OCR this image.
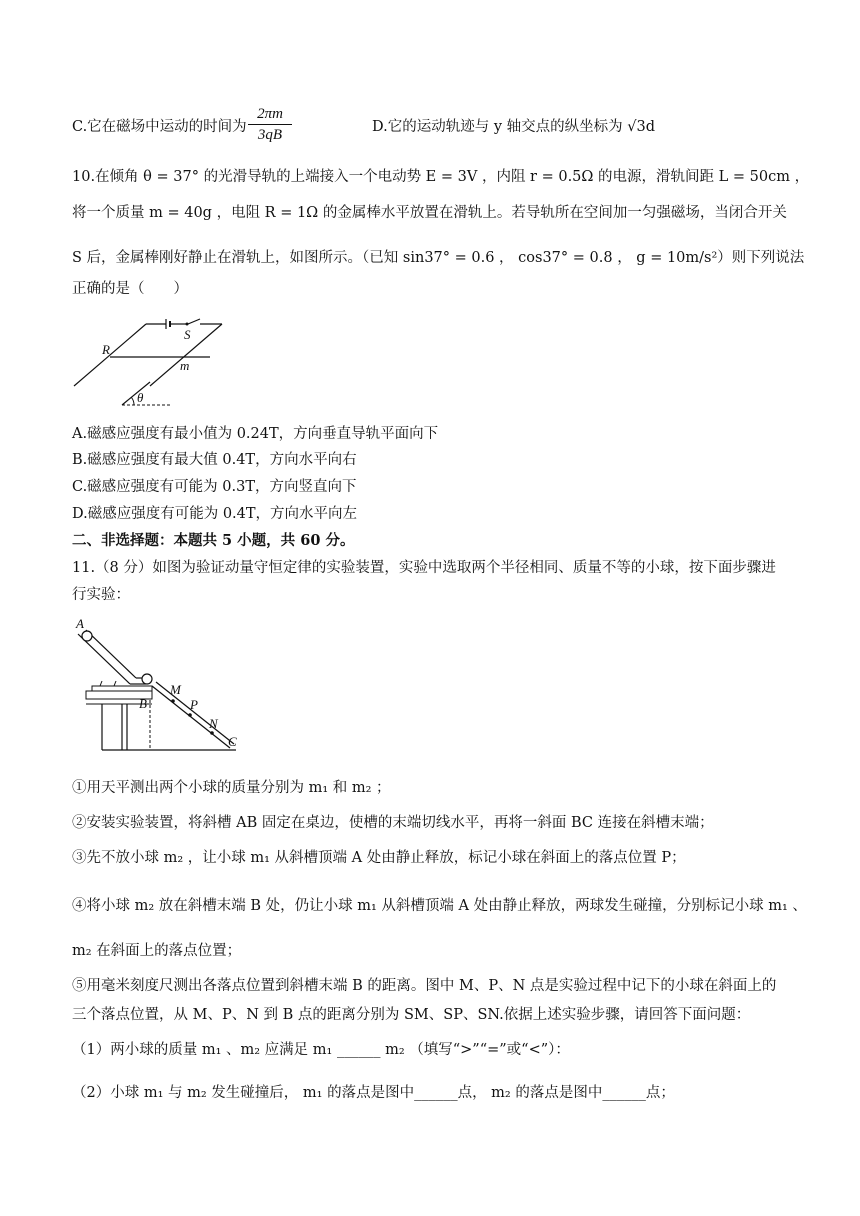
C.它在磁场中运动的时间为 $\frac{2\pi m}{3qB}$	D.它的运动轨迹与 y 轴交点的纵坐标为 √3d
10.在倾角 θ = 37° 的光滑导轨的上端接入一个电动势 E = 3V ，内阻 r = 0.5Ω 的电源，滑轨间距 L = 50cm ，
将一个质量 m = 40g ，电阻 R = 1Ω 的金属棒水平放置在滑轨上。若导轨所在空间加一匀强磁场，当闭合开关
S 后，金属棒刚好静止在滑轨上，如图所示。（已知 sin37° = 0.6 ， cos37° = 0.8 ， g = 10m/s²）则下列说法
正确的是（　　）
S
R
m
θ
A.磁感应强度有最小值为 0.24T，方向垂直导轨平面向下
B.磁感应强度有最大值 0.4T，方向水平向右
C.磁感应强度有可能为 0.3T，方向竖直向下
D.磁感应强度有可能为 0.4T，方向水平向左
二、非选择题：本题共 5 小题，共 60 分。
11.（8 分）如图为验证动量守恒定律的实验装置，实验中选取两个半径相同、质量不等的小球，按下面步骤进
行实验：
A
B
M
P
N
C
①用天平测出两个小球的质量分别为 m₁ 和 m₂ ；
②安装实验装置，将斜槽 AB 固定在桌边，使槽的末端切线水平，再将一斜面 BC 连接在斜槽末端；
③先不放小球 m₂ ，让小球 m₁ 从斜槽顶端 A 处由静止释放，标记小球在斜面上的落点位置 P；
④将小球 m₂ 放在斜槽末端 B 处，仍让小球 m₁ 从斜槽顶端 A 处由静止释放，两球发生碰撞，分别标记小球 m₁ 、
m₂ 在斜面上的落点位置；
⑤用毫米刻度尺测出各落点位置到斜槽末端 B 的距离。图中 M、P、N 点是实验过程中记下的小球在斜面上的
三个落点位置，从 M、P、N 到 B 点的距离分别为 SM、SP、SN.依据上述实验步骤，请回答下面问题：
（1）两小球的质量 m₁ 、m₂ 应满足 m₁ ______ m₂ （填写“>”“=”或“<”）：
（2）小球 m₁ 与 m₂ 发生碰撞后， m₁ 的落点是图中______点， m₂ 的落点是图中______点；
